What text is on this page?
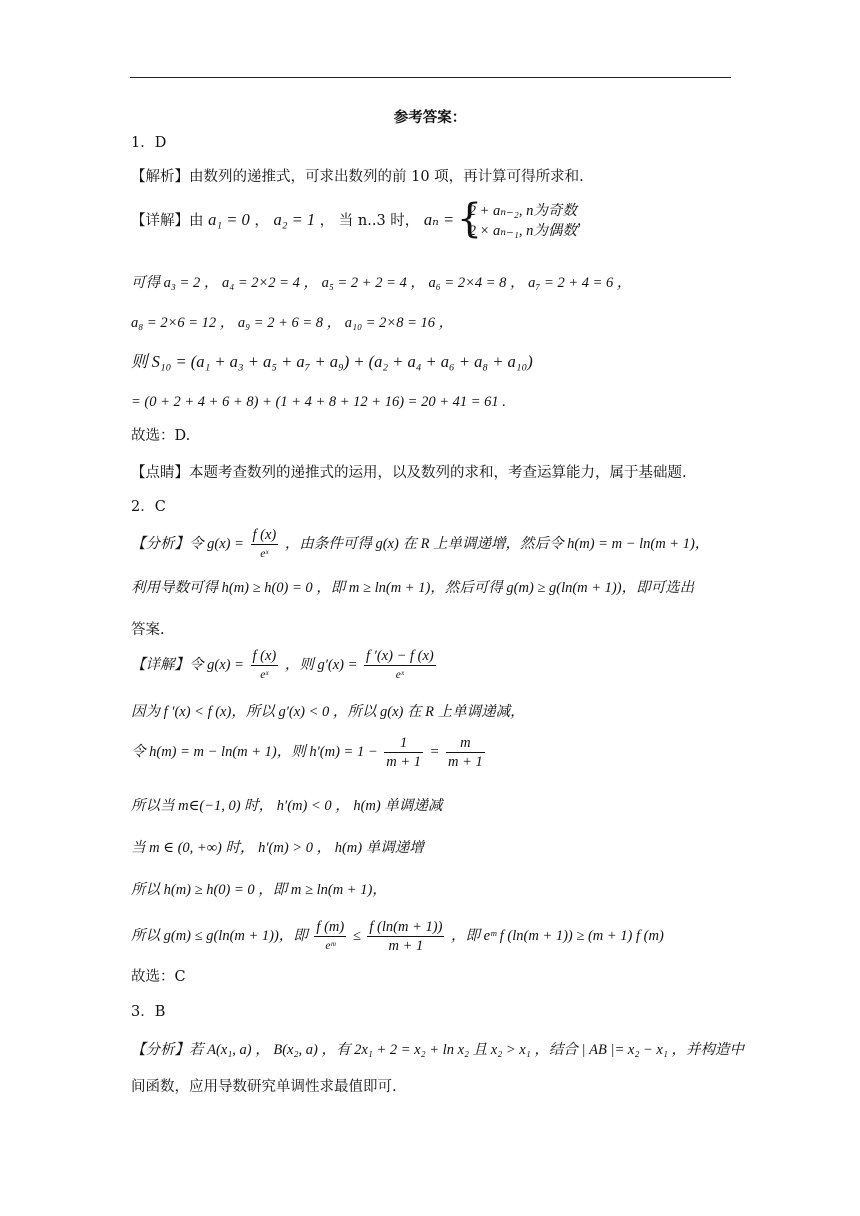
参考答案：
1．D
【解析】由数列的递推式，可求出数列的前 10 项，再计算可得所求和.
【详解】由 a₁ = 0 ， a₂ = 1 ， 当 n..3 时， aₙ =
{ 2 + aₙ₋₂, n为奇数
2 × aₙ₋₁, n为偶数
，
可得 a₃ = 2 ， a₄ = 2×2 = 4 ， a₅ = 2 + 2 = 4 ， a₆ = 2×4 = 8 ， a₇ = 2 + 4 = 6 ，
a₈ = 2×6 = 12 ， a₉ = 2 + 6 = 8 ， a₁₀ = 2×8 = 16 ，
则 S₁₀ = (a₁ + a₃ + a₅ + a₇ + a₉) + (a₂ + a₄ + a₆ + a₈ + a₁₀)
= (0 + 2 + 4 + 6 + 8) + (1 + 4 + 8 + 12 + 16) = 20 + 41 = 61 .
故选：D.
【点睛】本题考查数列的递推式的运用，以及数列的求和，考查运算能力，属于基础题.
2．C
【分析】令 $g(x) = \frac{f (x)}{\text{eˣ}}$ ，由条件可得 g(x) 在 R 上单调递增，然后令 h(m) = m − ln(m + 1)，
利用导数可得 h(m) ≥ h(0) = 0 ，即 m ≥ ln(m + 1)，然后可得 g(m) ≥ g(ln(m + 1))，即可选出
答案.
【详解】令 $g(x) = \frac{f (x)}{\text{eˣ}}$ ，则 $g'(x) = \frac{f '(x) - f (x)}{\text{eˣ}}$
因为 f ′(x) < f (x)，所以 g′(x) < 0 ，所以 g(x) 在 R 上单调递减，
令 h(m) = m − ln(m + 1)，则 $h'(m) = 1 - \frac{1}{m + 1} = \frac{m}{m + 1}$
所以当 m∈(−1, 0) 时， h′(m) < 0 ， h(m) 单调递减
当 m ∈ (0, +∞) 时， h′(m) > 0 ， h(m) 单调递增
所以 h(m) ≥ h(0) = 0 ，即 m ≥ ln(m + 1)，
所以 g(m) ≤ g(ln(m + 1))，即 $\frac{f (m)}{\text{eᵐ}} \le \frac{f (\ln(m + 1))}{m + 1}$ ，即 eᵐ f (ln(m + 1)) ≥ (m + 1) f (m)
故选：C
3．B
【分析】若 A(x₁, a) ， B(x₂, a) ，有 2x₁ + 2 = x₂ + ln x₂ 且 x₂ > x₁ ，结合 | AB |= x₂ − x₁ ，并构造中
间函数，应用导数研究单调性求最值即可.
